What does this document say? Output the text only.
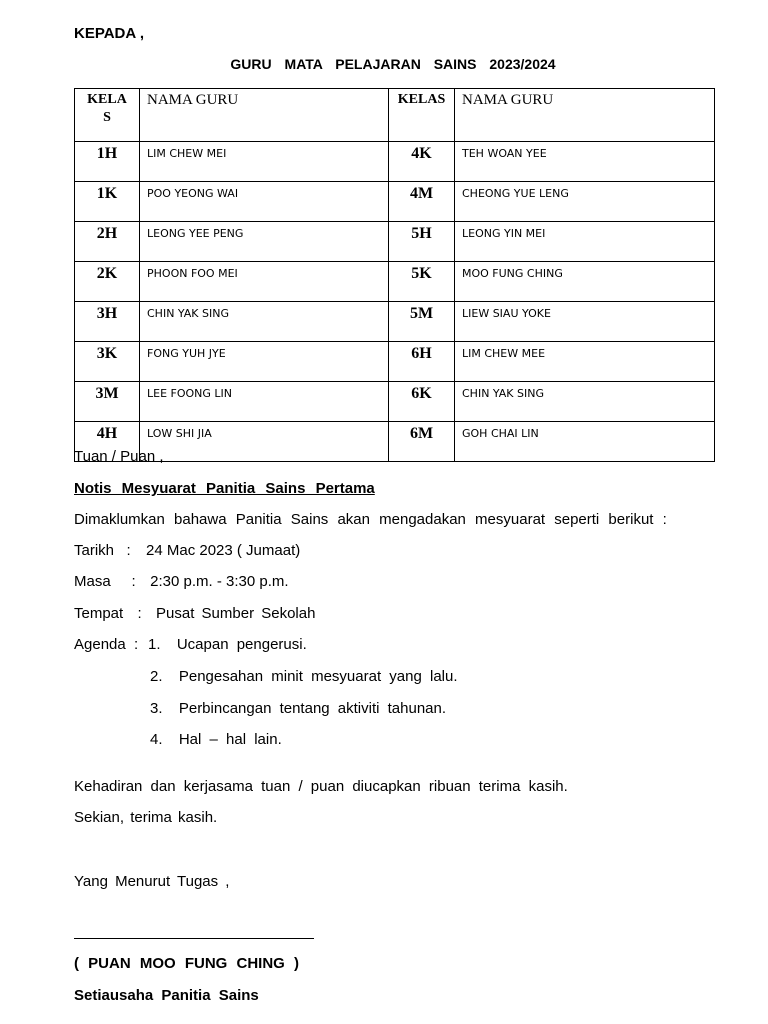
KEPADA ,
GURU MATA PELAJARAN SAINS 2023/2024
KELA
S	NAMA GURU	KELAS	NAMA GURU
1H	LIM CHEW MEI	4K	TEH WOAN YEE
1K	POO YEONG WAI	4M	CHEONG YUE LENG
2H	LEONG YEE PENG	5H	LEONG YIN MEI
2K	PHOON FOO MEI	5K	MOO FUNG CHING
3H	CHIN YAK SING	5M	LIEW SIAU YOKE
3K	FONG YUH JYE	6H	LIM CHEW MEE
3M	LEE FOONG LIN	6K	CHIN YAK SING
4H	LOW SHI JIA	6M	GOH CHAI LIN
Tuan / Puan ,
Notis Mesyuarat Panitia Sains Pertama
Dimaklumkan bahawa Panitia Sains akan mengadakan mesyuarat seperti berikut :
Tarikh   : 24 Mac 2023 ( Jumaat)
Masa     : 2:30 p.m. - 3:30 p.m.
Tempat  :  Pusat Sumber Sekolah
Agenda  : 1.  Ucapan pengerusi.
2.  Pengesahan minit mesyuarat yang lalu.
3.  Perbincangan tentang aktiviti tahunan.
4.  Hal – hal lain.
Kehadiran dan kerjasama tuan / puan diucapkan ribuan terima kasih.
Sekian, terima kasih.
Yang Menurut Tugas ,
( PUAN MOO FUNG CHING )
Setiausaha Panitia Sains
